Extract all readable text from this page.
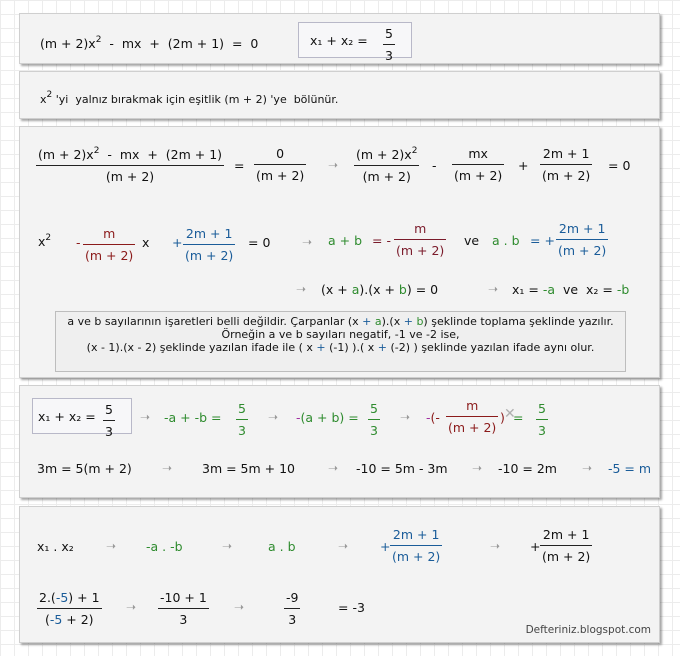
$(m + 2)x^2$  -  mx  +  (2m + 1)  =  0	x₁ + x₂ = 5
3
$x^2$ 'yi  yalnız bırakmak için eşitlik (m + 2) 'ye  bölünür.
$(m + 2)x^2$  -  mx  +  (2m + 1)
(m + 2)
=
0
(m + 2)
➝
$(m + 2)x^2$
(m + 2)
-
mx
(m + 2)
+
2m + 1
(m + 2)
= 0
$x^2$ -
m
(m + 2)
x +
2m + 1
(m + 2)
= 0	➝ a + b = -
m
(m + 2)
ve a . b = +
2m + 1
(m + 2)
➝ (x + a).(x + b) = 0	➝ x₁ = -a  ve  x₂ = -b
a ve b sayılarının işaretleri belli değildir. Çarpanlar (x + a).(x + b) şeklinde toplama şeklinde yazılır.
Örneğin a ve b sayıları negatif, -1 ve -2 ise,
(x - 1).(x - 2) şeklinde yazılan ifade ile ( x + (-1) ).( x + (-2) ) şeklinde yazılan ifade aynı olur.
x₁ + x₂ = 5
3
➝ -a + -b =
5
3
➝ -(a + b) =
5
3
➝ -(-
m
(m + 2)
) ✕
=
5
3
3m = 5(m + 2)	➝ 3m = 5m + 10	➝ -10 = 5m - 3m ➝ -10 = 2m ➝ -5 = m
x₁ . x₂	➝ -a . -b	➝	a . b	➝	+
2m + 1
(m + 2)
➝ +
2m + 1
(m + 2)
2.(-5) + 1
(-5 + 2)
➝
-10 + 1
3
➝
-9
3
= -3
Defteriniz.blogspot.com
